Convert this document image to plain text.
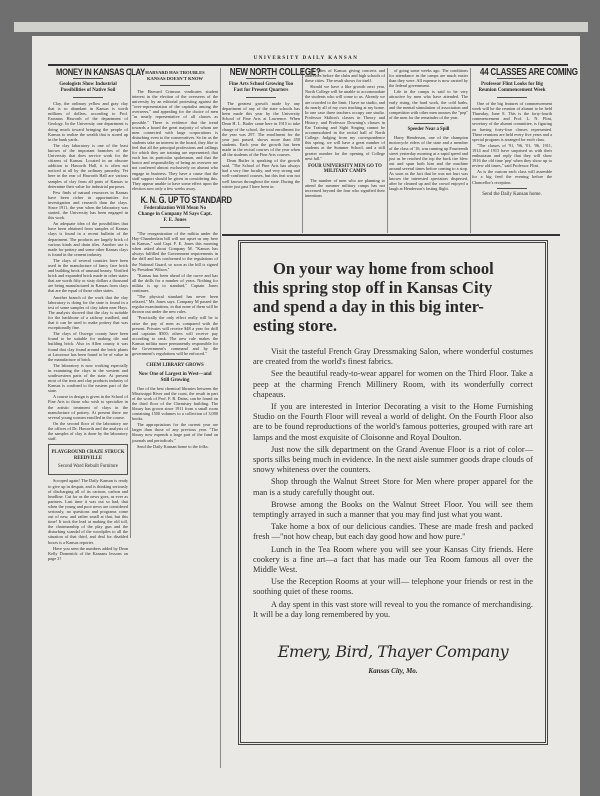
UNIVERSITY DAILY KANSAN
MONEY IN KANSAS CLAY
Geologists Show Industrial Possibilities of Native Soil

Clay, the ordinary yellow and gray clay that is so abundant in Kansas is worth millions of dollars, according to Prof. Erasmus Haworth of the department of Geology. In the University one department is doing much toward bringing the people of Kansas to realize the wealth that is stored up in the bank yards.

The clay laboratory is one of the least known of the important branches of the University that does service work for the citizens of Kansas. Located in an obscure addition to Haworth Hall, it is often not noticed at all by the ordinary passerby. Yet here in the rear of Haworth Hall are various samples of clay from all parts of Kansas to determine their value for industrial purposes.

Few finds of natural resources in Kansas have been richer in opportunities for investigation and research than the clays. Since 1911, the year when the laboratory was started, the University has been engaged in this work.

An adequate idea of the possibilities that have been obtained from samples of Kansas clays is found in a recent bulletin of the department. The products are largely brick of various kinds and drain tiles. Another use is made for pottery and some other Kansas clays is found in the cement industry.

The clays of several counties have been used in the manufacture of fancy face brick and building brick of unusual beauty. Vitrified brick and expanded brick made in other states that are worth fifty or sixty dollars a thousand are being manufactured in Kansas from clays that are the equal of those other states.

Another branch of the work that the clay laboratory is doing for the state is found in a test of some samples of clay taken near Hays. The analysis showed that the clay is suitable for the backbone of a railway roadbed, and that it can be used to make pottery that was exceptionally fine.

The clays of Oswego county have been found to be suitable for making tile and building brick. Also in Allen county it was found that clay found around the brick plants at Lawrence has been found to be of value in the manufacture of brick.

The laboratory is now working especially in examining the clays in the western and southwestern parts of the state. At present most of the tests and clay products industry of Kansas is confined to the eastern part of the state.

A course in design is given in the School of Fine Arts to those who wish to specialize in the artistic treatment of clays in the manufacture of pottery. At present there are several young women enrolled in the course.

On the second floor of the laboratory are the offices of Dr. Haworth and the analysis of the samples of clay is done by the laboratory staff.

PLAYGROUND CRAZE STRUCK REEDVILLE
Second Ward Rebuilt Furniture

Scooped again! The Daily Kansan is ready to give up in despair, and is thinking seriously of discharging all of its cartoon, carbon and headline. Cut for as the news goes, as ever as partners. Last time it was out so bad, that when the young and poor news are considered seriously, no questions and programs come out of new, and rather small at that, but this time! It took the lead at making the old toll, the chairmanship of the play gun and the disturbing scandal of the woodpiles to all the situation of that third, and deal for disabled boxes is a Kansas reporter.

Have you seen the numbers added by Dean Kelly Domenick of the Kansans lessons on page 3?

HARVARD HAS TROUBLES KANSAS DOESN'T KNOW

The Harvard Crimson vindicates student interest in the election of the overseers of the university by an editorial protesting against the "over-representation of the capitalist among the overseers," and appealing for the choice of men "as nearly representative of all classes as possible." There is evidence that the trend towards a board the great majority of whom are men connected with large corporations is disturbing even to the conservatives. So far as the students take an interest in the board, they like to feel that all the principal professions and callings for which they are training are represented; that each has its particular spokesman, and that the honor and responsibility of being an overseer are not conferred almost exclusively on alumni who engage in business. They have a cause that the staff support should be given in considering this. They appear unable to have some effect upon the election now only a few weeks away.

K. N. G. UP TO STANDARD
Federalization Will Mean No Change in Company M Says Capt. F. E. Jones

"The reorganization of the militia under the Hay-Chamberlain bill will not upset us any here in Kansas," said Capt. F. E. Jones this morning when asked about Company M. "Kansas has always fulfilled the Government requirements in the drill and has conformed to the regulations of the National Guard, so soon as the bill is signed by President Wilson."

"Kansas has been ahead of the curve and has all the drills for a number of years. Nothing for militia is up to standard," Captain Jones continues.

"The physical standard has never been relaxed," Mr. Jones says. Company M passed the regular examinations, in that none of them will be thrown out under the new rules.

"Practically the only effect really will be to raise the pay of men as compared with the present. Privates will receive $48 a year for drill and captains $500; others will receive pay according to rank. The new rule makes the Kansas militia more permanently responsible for the Government's command and by the government's regulations will be enforced."

CHEM LIBRARY GROWS
Now One of Largest in West—and Still Growing

One of the best chemical libraries between the Mississippi River and the coast, the result in part of the work of Prof. F. B. Dains, can be found on the third floor of the Chemistry building. The library has grown since 1911 from a small room containing 1500 volumes to a collection of 3,000 books.

The appropriations for the current year are larger than those of any previous year. "The library now expends a large part of the fund on journals and periodicals."

Send the Daily Kansan home to the folks.

NEW NORTH COLLEGE?
Fine Arts School Growing Too Fast for Present Quarters

The greatest growth made by any department of any of the state schools has been made this year by the University School of Fine Arts at Lawrence. When Dean H. L. Butler came here in 1915 to take charge of the school, the total enrollment for the year was 297. The enrollment for the year just passed, shows more than 450 students. Each year the growth has been made in the recital courses of the year when all the students of the Fine Arts courses.

Dean Butler is speaking of the growth said, "The School of Fine Arts has always had a very fine faculty, and very strong and well-confirmed courses, but this feat was not well known throughout the state. During the winter just past I have been in

53 cities of Kansas giving concerts and addresses before the clubs and high schools of these cities. The result shows for itself.

Should we have a like growth next year, North College will be unable to accommodate the students who will come to us. Already we are crowded to the limit. I have no studio, and do nearly all of my own teaching at my home. In one case three teachers occupy one studio. Professor Skilton's classes in Theory and History, and Professor Downing's classes in Ear Training and Sight Singing cannot be accommodated in the recital hall of North College. Judging from my correspondence this spring, we will have a great number of students at the Summer School, and a still greater number for the opening of College next fall."

FOUR UNIVERSITY MEN GO TO MILITARY CAMPS

The number of men who are planning to attend the summer military camps has not increased beyond the four who signified their intentions

of going some weeks ago. The conditions for attendance in the camps are much easier than they were. All expense is now carried by the federal government.

Life in the camps is said to be very attractive by men who have attended. The early rising, the hard work, the cold baths, and the mental stimulation of association and competition with other men arouses the "pep" of the men for the remainder of the year.

Speeder Near a Spill

Harry Henderson, one of the champion motorcycle riders of the state and a member of the class of '16, was running up Fourteenth street yesterday morning at a rapid speed and just as he reached the top the back tire blew out and spun both him and the machine around several times before coming to a stop. As soon as the fact that he was not hurt was known the interested spectators dispersed, after he cleaned up and the crowd enjoyed a laugh at Henderson's lasting flight.

44 CLASSES ARE COMING
Professor Flint Looks for Big Reunion Commencement Week

One of the big features of commencement week will be the reunion of alumni to be held Thursday, June 8. This is the forty-fourth commencement and Prof. L. N. Flint, secretary of the alumni committee, is figuring on having forty-four classes represented. These reunions are held every five years and a special program is arranged for each class.

"The classes of '91, '96, '01, '06, 1911, 1914 and 1915 have surprised us with their enthusiasm and reply that they will show 1916 the old time 'pep' when they show up to review old times," said Professor Flint.

As is the custom each class will assemble for a big feed the evening before the Chancellor's reception.

Send the Daily Kansan home.
On your way home from school
this spring stop off in Kansas City
and spend a day in this big inter-
esting store.

Visit the tasteful French Gray Dressmaking Salon, where wonderful costumes are created from the world's finest fabrics.

See the beautiful ready-to-wear apparel for women on the Third Floor. Take a peep at the charming French Millinery Room, with its wonderfully correct chapeaus.

If you are interested in Interior Decorating a visit to the Home Furnishing Studio on the Fourth Floor will reveal a world of delight. On the Fourth Floor also are to be found reproductions of the world's famous potteries, grouped with rare art lamps and the most exquisite of Cloisonne and Royal Doulton.

Just now the silk department on the Grand Avenue Floor is a riot of color—sports silks being much in evidence. In the next aisle summer goods drape clouds of snowy whiteness over the counters.

Shop through the Walnut Street Store for Men where proper apparel for the man is a study carefully thought out.

Browse among the Books on the Walnut Street Floor. You will see them temptingly arrayed in such a manner that you may find just what you want.

Take home a box of our delicious candies. These are made fresh and packed fresh —"not how cheap, but each day good how and how pure."

Lunch in the Tea Room where you will see your Kansas City friends. Here cookery is a fine art—a fact that has made our Tea Room famous all over the Middle West.

Use the Reception Rooms at your will— telephone your friends or rest in the soothing quiet of these rooms.

A day spent in this vast store will reveal to you the romance of merchandising. It will be a day long remembered by you.

Emery, Bird, Thayer Company
Kansas City, Mo.
